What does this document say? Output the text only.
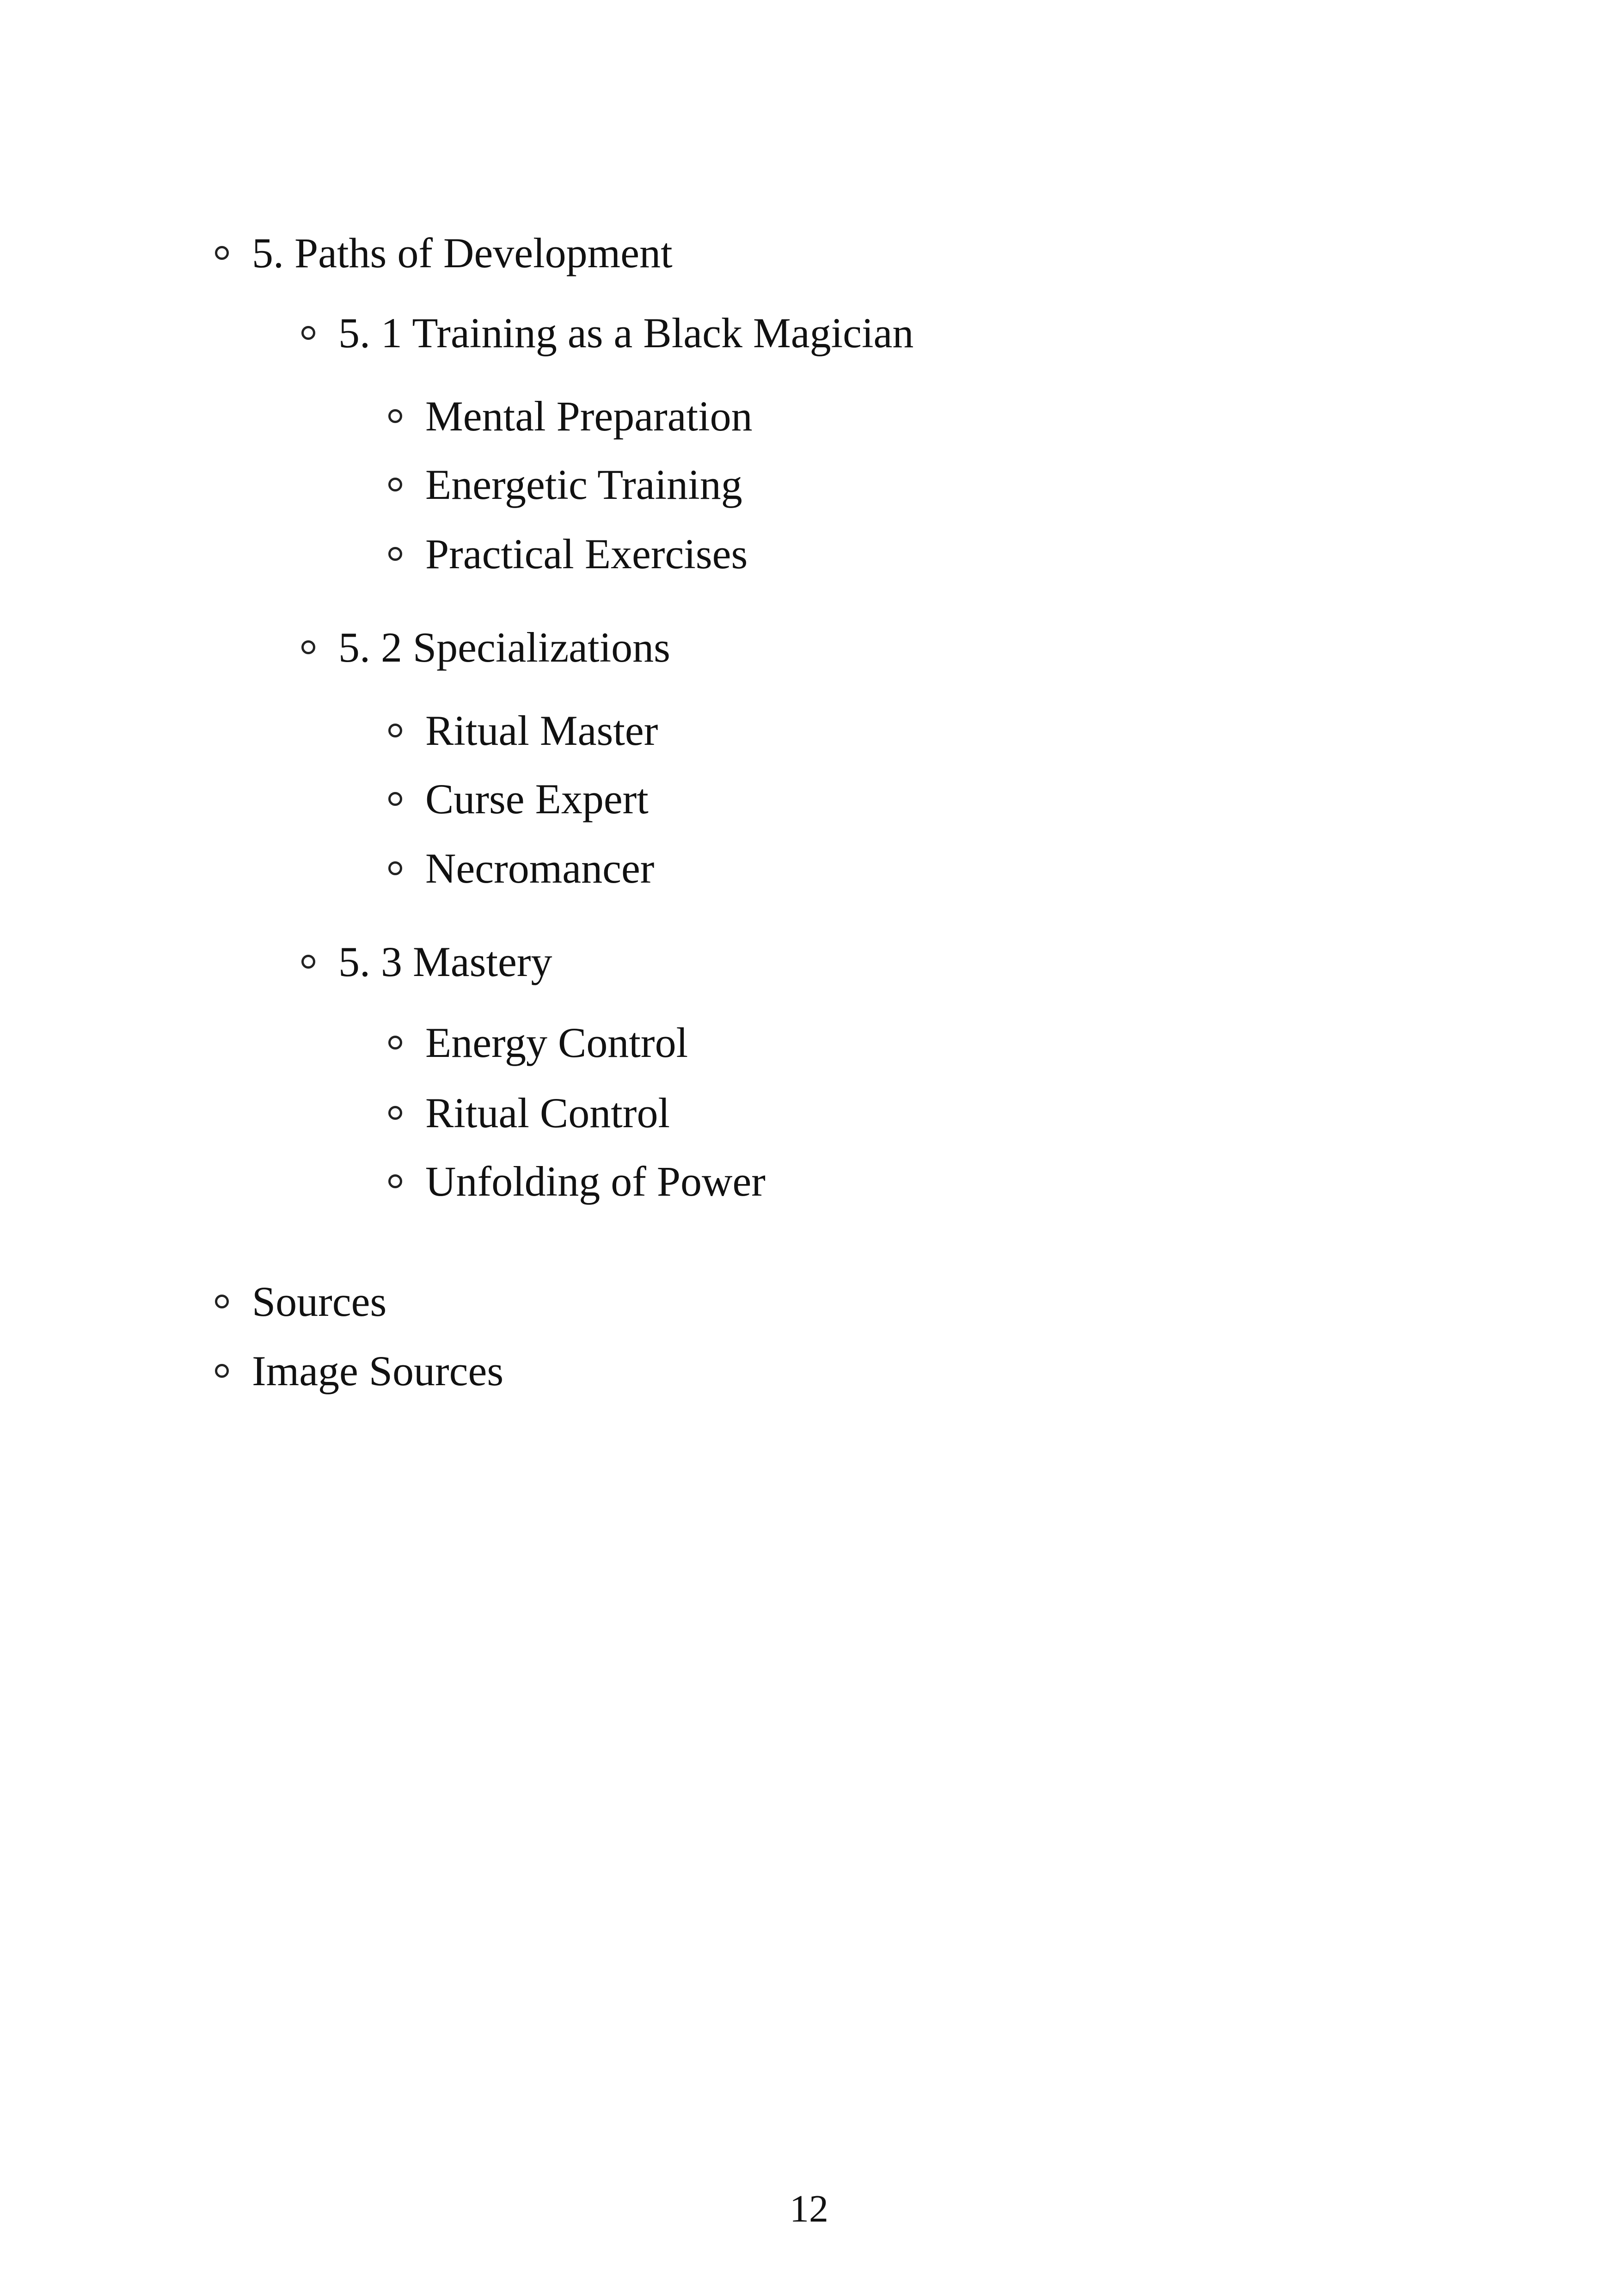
5. Paths of Development
5. 1 Training as a Black Magician
Mental Preparation
Energetic Training
Practical Exercises
5. 2 Specializations
Ritual Master
Curse Expert
Necromancer
5. 3 Mastery
Energy Control
Ritual Control
Unfolding of Power
Sources
Image Sources
12
